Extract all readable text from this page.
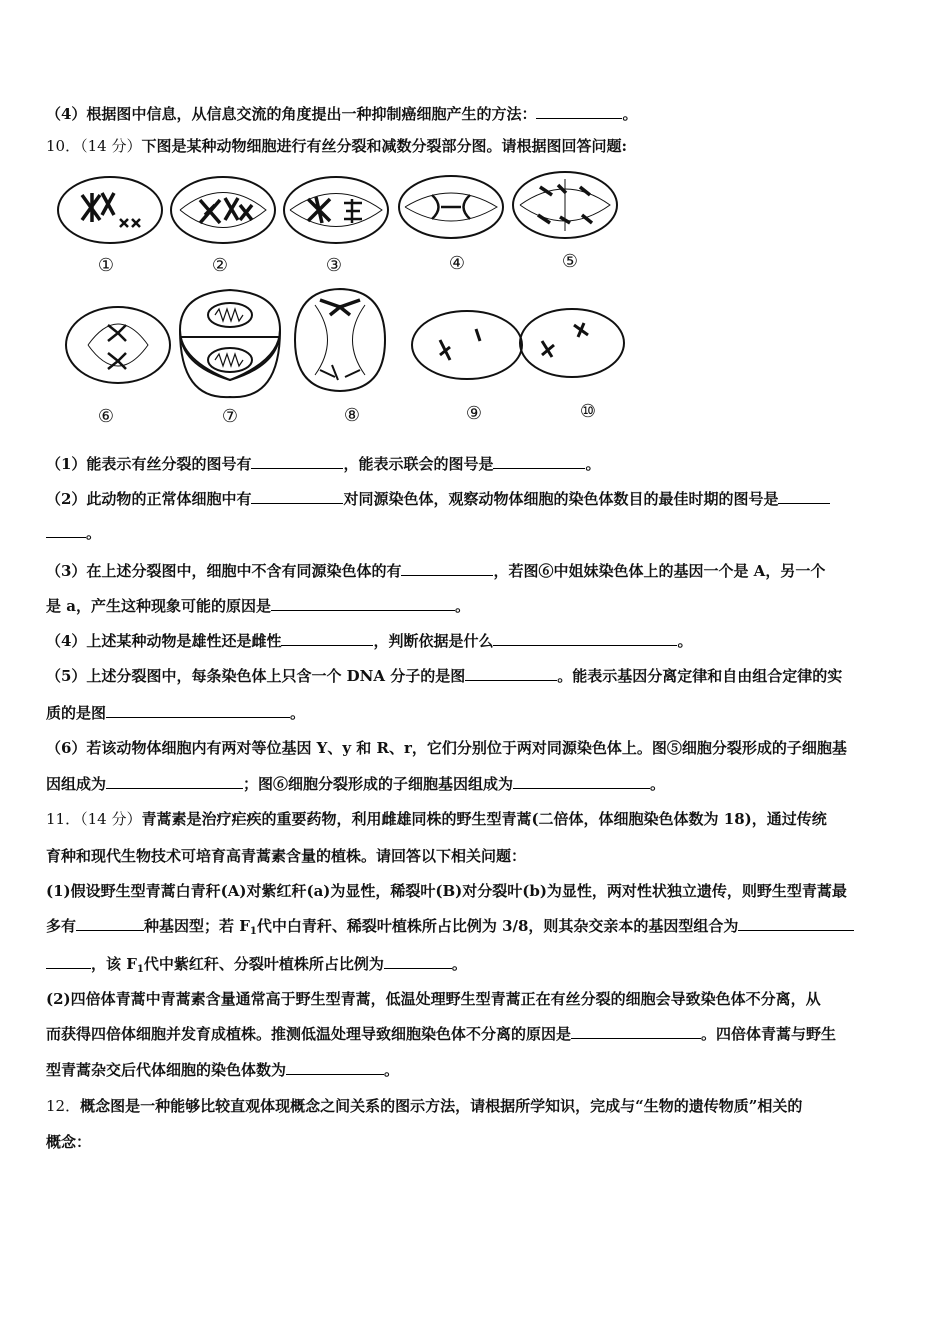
（4）根据图中信息，从信息交流的角度提出一种抑制癌细胞产生的方法：	。
10．（14 分）下图是某种动物细胞进行有丝分裂和减数分裂部分图。请根据图回答问题:
①	②	③	④	⑤
⑥	⑦	⑧	⑨	⑩
（1）能表示有丝分裂的图号有	，能表示联会的图号是	。
（2）此动物的正常体细胞中有	对同源染色体，观察动物体细胞的染色体数目的最佳时期的图号是
。
（3）在上述分裂图中，细胞中不含有同源染色体的有	，若图⑥中姐妹染色体上的基因一个是 A，另一个
是 a，产生这种现象可能的原因是	。
（4）上述某种动物是雄性还是雌性	，判断依据是什么	。
（5）上述分裂图中，每条染色体上只含一个 DNA 分子的是图	。能表示基因分离定律和自由组合定律的实
质的是图	。
（6）若该动物体细胞内有两对等位基因 Y、y 和 R、r，它们分别位于两对同源染色体上。图⑤细胞分裂形成的子细胞基
因组成为	；图⑥细胞分裂形成的子细胞基因组成为	。
11．（14 分）青蒿素是治疗疟疾的重要药物，利用雌雄同株的野生型青蒿(二倍体，体细胞染色体数为 18)，通过传统
育种和现代生物技术可培育高青蒿素含量的植株。请回答以下相关问题：
(1)假设野生型青蒿白青秆(A)对紫红秆(a)为显性，稀裂叶(B)对分裂叶(b)为显性，两对性状独立遗传，则野生型青蒿最
多有	种基因型；若 $F_1$代中白青秆、稀裂叶植株所占比例为 3/8，则其杂交亲本的基因型组合为
，该 $F_1$代中紫红秆、分裂叶植株所占比例为	。
(2)四倍体青蒿中青蒿素含量通常高于野生型青蒿，低温处理野生型青蒿正在有丝分裂的细胞会导致染色体不分离，从
而获得四倍体细胞并发育成植株。推测低温处理导致细胞染色体不分离的原因是	。四倍体青蒿与野生
型青蒿杂交后代体细胞的染色体数为	。
12．概念图是一种能够比较直观体现概念之间关系的图示方法，请根据所学知识，完成与“生物的遗传物质”相关的
概念：
